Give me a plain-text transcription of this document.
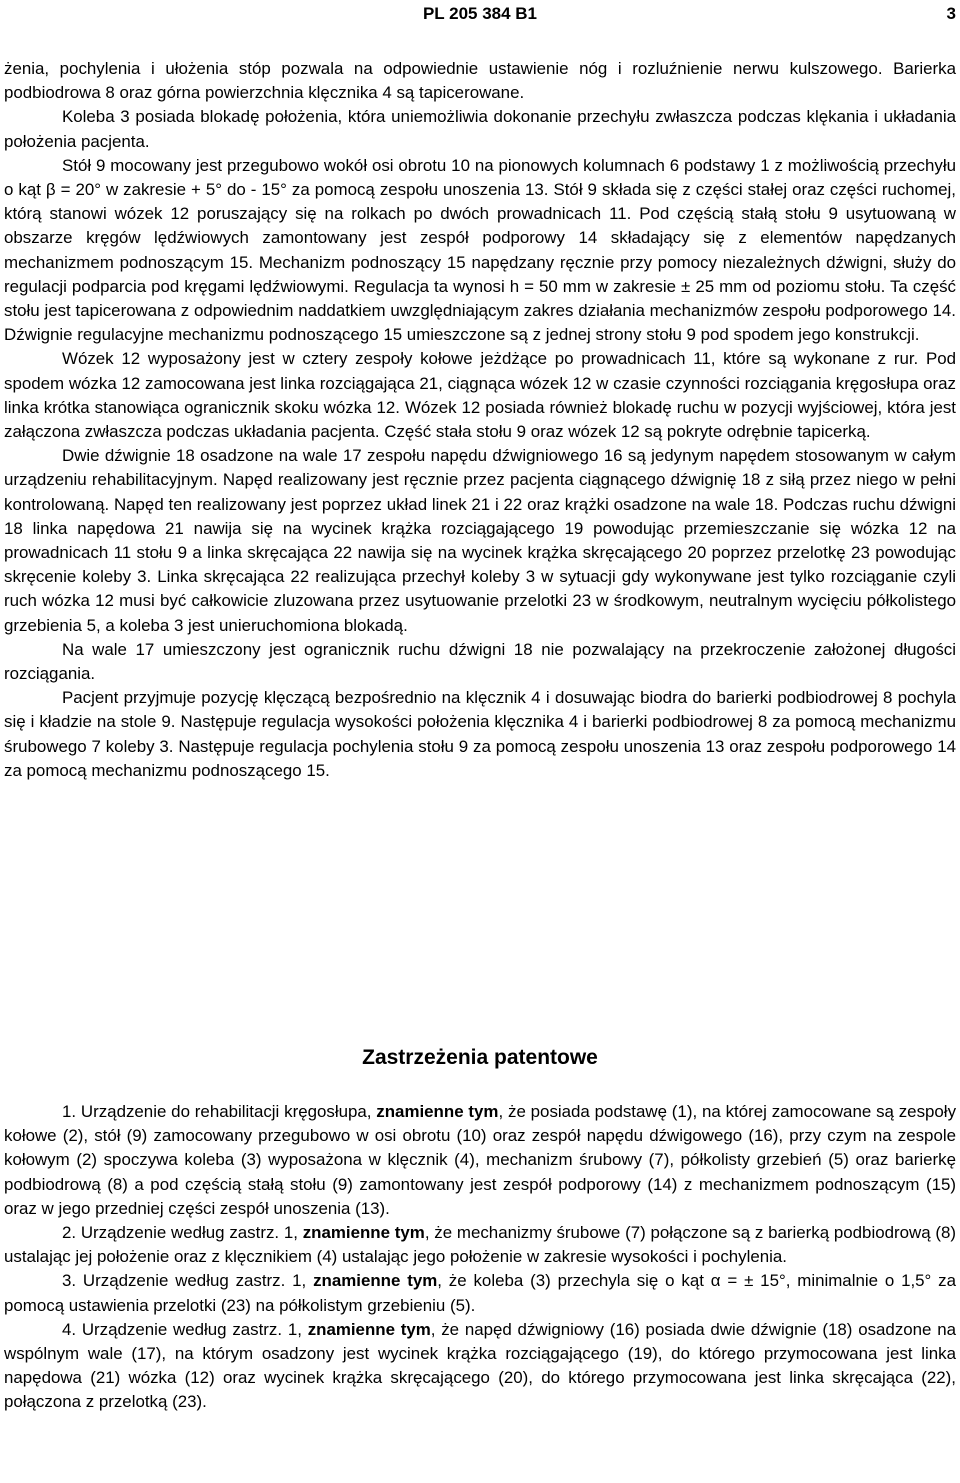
PL 205 384 B1	3

żenia, pochylenia i ułożenia stóp pozwala na odpowiednie ustawienie nóg i rozluźnienie nerwu kulszowego. Barierka podbiodrowa 8 oraz górna powierzchnia klęcznika 4 są tapicerowane.

Koleba 3 posiada blokadę położenia, która uniemożliwia dokonanie przechyłu zwłaszcza podczas klękania i układania położenia pacjenta.

Stół 9 mocowany jest przegubowo wokół osi obrotu 10 na pionowych kolumnach 6 podstawy 1 z możliwością przechyłu o kąt β = 20° w zakresie + 5° do - 15° za pomocą zespołu unoszenia 13. Stół 9 składa się z części stałej oraz części ruchomej, którą stanowi wózek 12 poruszający się na rolkach po dwóch prowadnicach 11. Pod częścią stałą stołu 9 usytuowaną w obszarze kręgów lędźwiowych zamontowany jest zespół podporowy 14 składający się z elementów napędzanych mechanizmem podnoszącym 15. Mechanizm podnoszący 15 napędzany ręcznie przy pomocy niezależnych dźwigni, służy do regulacji podparcia pod kręgami lędźwiowymi. Regulacja ta wynosi h = 50 mm w zakresie ± 25 mm od poziomu stołu. Ta część stołu jest tapicerowana z odpowiednim naddatkiem uwzględniającym zakres działania mechanizmów zespołu podporowego 14. Dźwignie regulacyjne mechanizmu podnoszącego 15 umieszczone są z jednej strony stołu 9 pod spodem jego konstrukcji.

Wózek 12 wyposażony jest w cztery zespoły kołowe jeżdżące po prowadnicach 11, które są wykonane z rur. Pod spodem wózka 12 zamocowana jest linka rozciągająca 21, ciągnąca wózek 12 w czasie czynności rozciągania kręgosłupa oraz linka krótka stanowiąca ogranicznik skoku wózka 12. Wózek 12 posiada również blokadę ruchu w pozycji wyjściowej, która jest załączona zwłaszcza podczas układania pacjenta. Część stała stołu 9 oraz wózek 12 są pokryte odrębnie tapicerką.

Dwie dźwignie 18 osadzone na wale 17 zespołu napędu dźwigniowego 16 są jedynym napędem stosowanym w całym urządzeniu rehabilitacyjnym. Napęd realizowany jest ręcznie przez pacjenta ciągnącego dźwignię 18 z siłą przez niego w pełni kontrolowaną. Napęd ten realizowany jest poprzez układ linek 21 i 22 oraz krążki osadzone na wale 18. Podczas ruchu dźwigni 18 linka napędowa 21 nawija się na wycinek krążka rozciągającego 19 powodując przemieszczanie się wózka 12 na prowadnicach 11 stołu 9 a linka skręcająca 22 nawija się na wycinek krążka skręcającego 20 poprzez przelotkę 23 powodując skręcenie koleby 3. Linka skręcająca 22 realizująca przechył koleby 3 w sytuacji gdy wykonywane jest tylko rozciąganie czyli ruch wózka 12 musi być całkowicie zluzowana przez usytuowanie przelotki 23 w środkowym, neutralnym wycięciu półkolistego grzebienia 5, a koleba 3 jest unieruchomiona blokadą.

Na wale 17 umieszczony jest ogranicznik ruchu dźwigni 18 nie pozwalający na przekroczenie założonej długości rozciągania.

Pacjent przyjmuje pozycję klęczącą bezpośrednio na klęcznik 4 i dosuwając biodra do barierki podbiodrowej 8 pochyla się i kładzie na stole 9. Następuje regulacja wysokości położenia klęcznika 4 i barierki podbiodrowej 8 za pomocą mechanizmu śrubowego 7 koleby 3. Następuje regulacja pochylenia stołu 9 za pomocą zespołu unoszenia 13 oraz zespołu podporowego 14 za pomocą mechanizmu podnoszącego 15.

Zastrzeżenia patentowe

1. Urządzenie do rehabilitacji kręgosłupa, znamienne tym, że posiada podstawę (1), na której zamocowane są zespoły kołowe (2), stół (9) zamocowany przegubowo w osi obrotu (10) oraz zespół napędu dźwigowego (16), przy czym na zespole kołowym (2) spoczywa koleba (3) wyposażona w klęcznik (4), mechanizm śrubowy (7), półkolisty grzebień (5) oraz barierkę podbiodrową (8) a pod częścią stałą stołu (9) zamontowany jest zespół podporowy (14) z mechanizmem podnoszącym (15) oraz w jego przedniej części zespół unoszenia (13).

2. Urządzenie według zastrz. 1, znamienne tym, że mechanizmy śrubowe (7) połączone są z barierką podbiodrową (8) ustalając jej położenie oraz z klęcznikiem (4) ustalając jego położenie w zakresie wysokości i pochylenia.

3. Urządzenie według zastrz. 1, znamienne tym, że koleba (3) przechyla się o kąt α = ± 15°, minimalnie o 1,5° za pomocą ustawienia przelotki (23) na półkolistym grzebieniu (5).

4. Urządzenie według zastrz. 1, znamienne tym, że napęd dźwigniowy (16) posiada dwie dźwignie (18) osadzone na wspólnym wale (17), na którym osadzony jest wycinek krążka rozciągającego (19), do którego przymocowana jest linka napędowa (21) wózka (12) oraz wycinek krążka skręcającego (20), do którego przymocowana jest linka skręcająca (22), połączona z przelotką (23).
